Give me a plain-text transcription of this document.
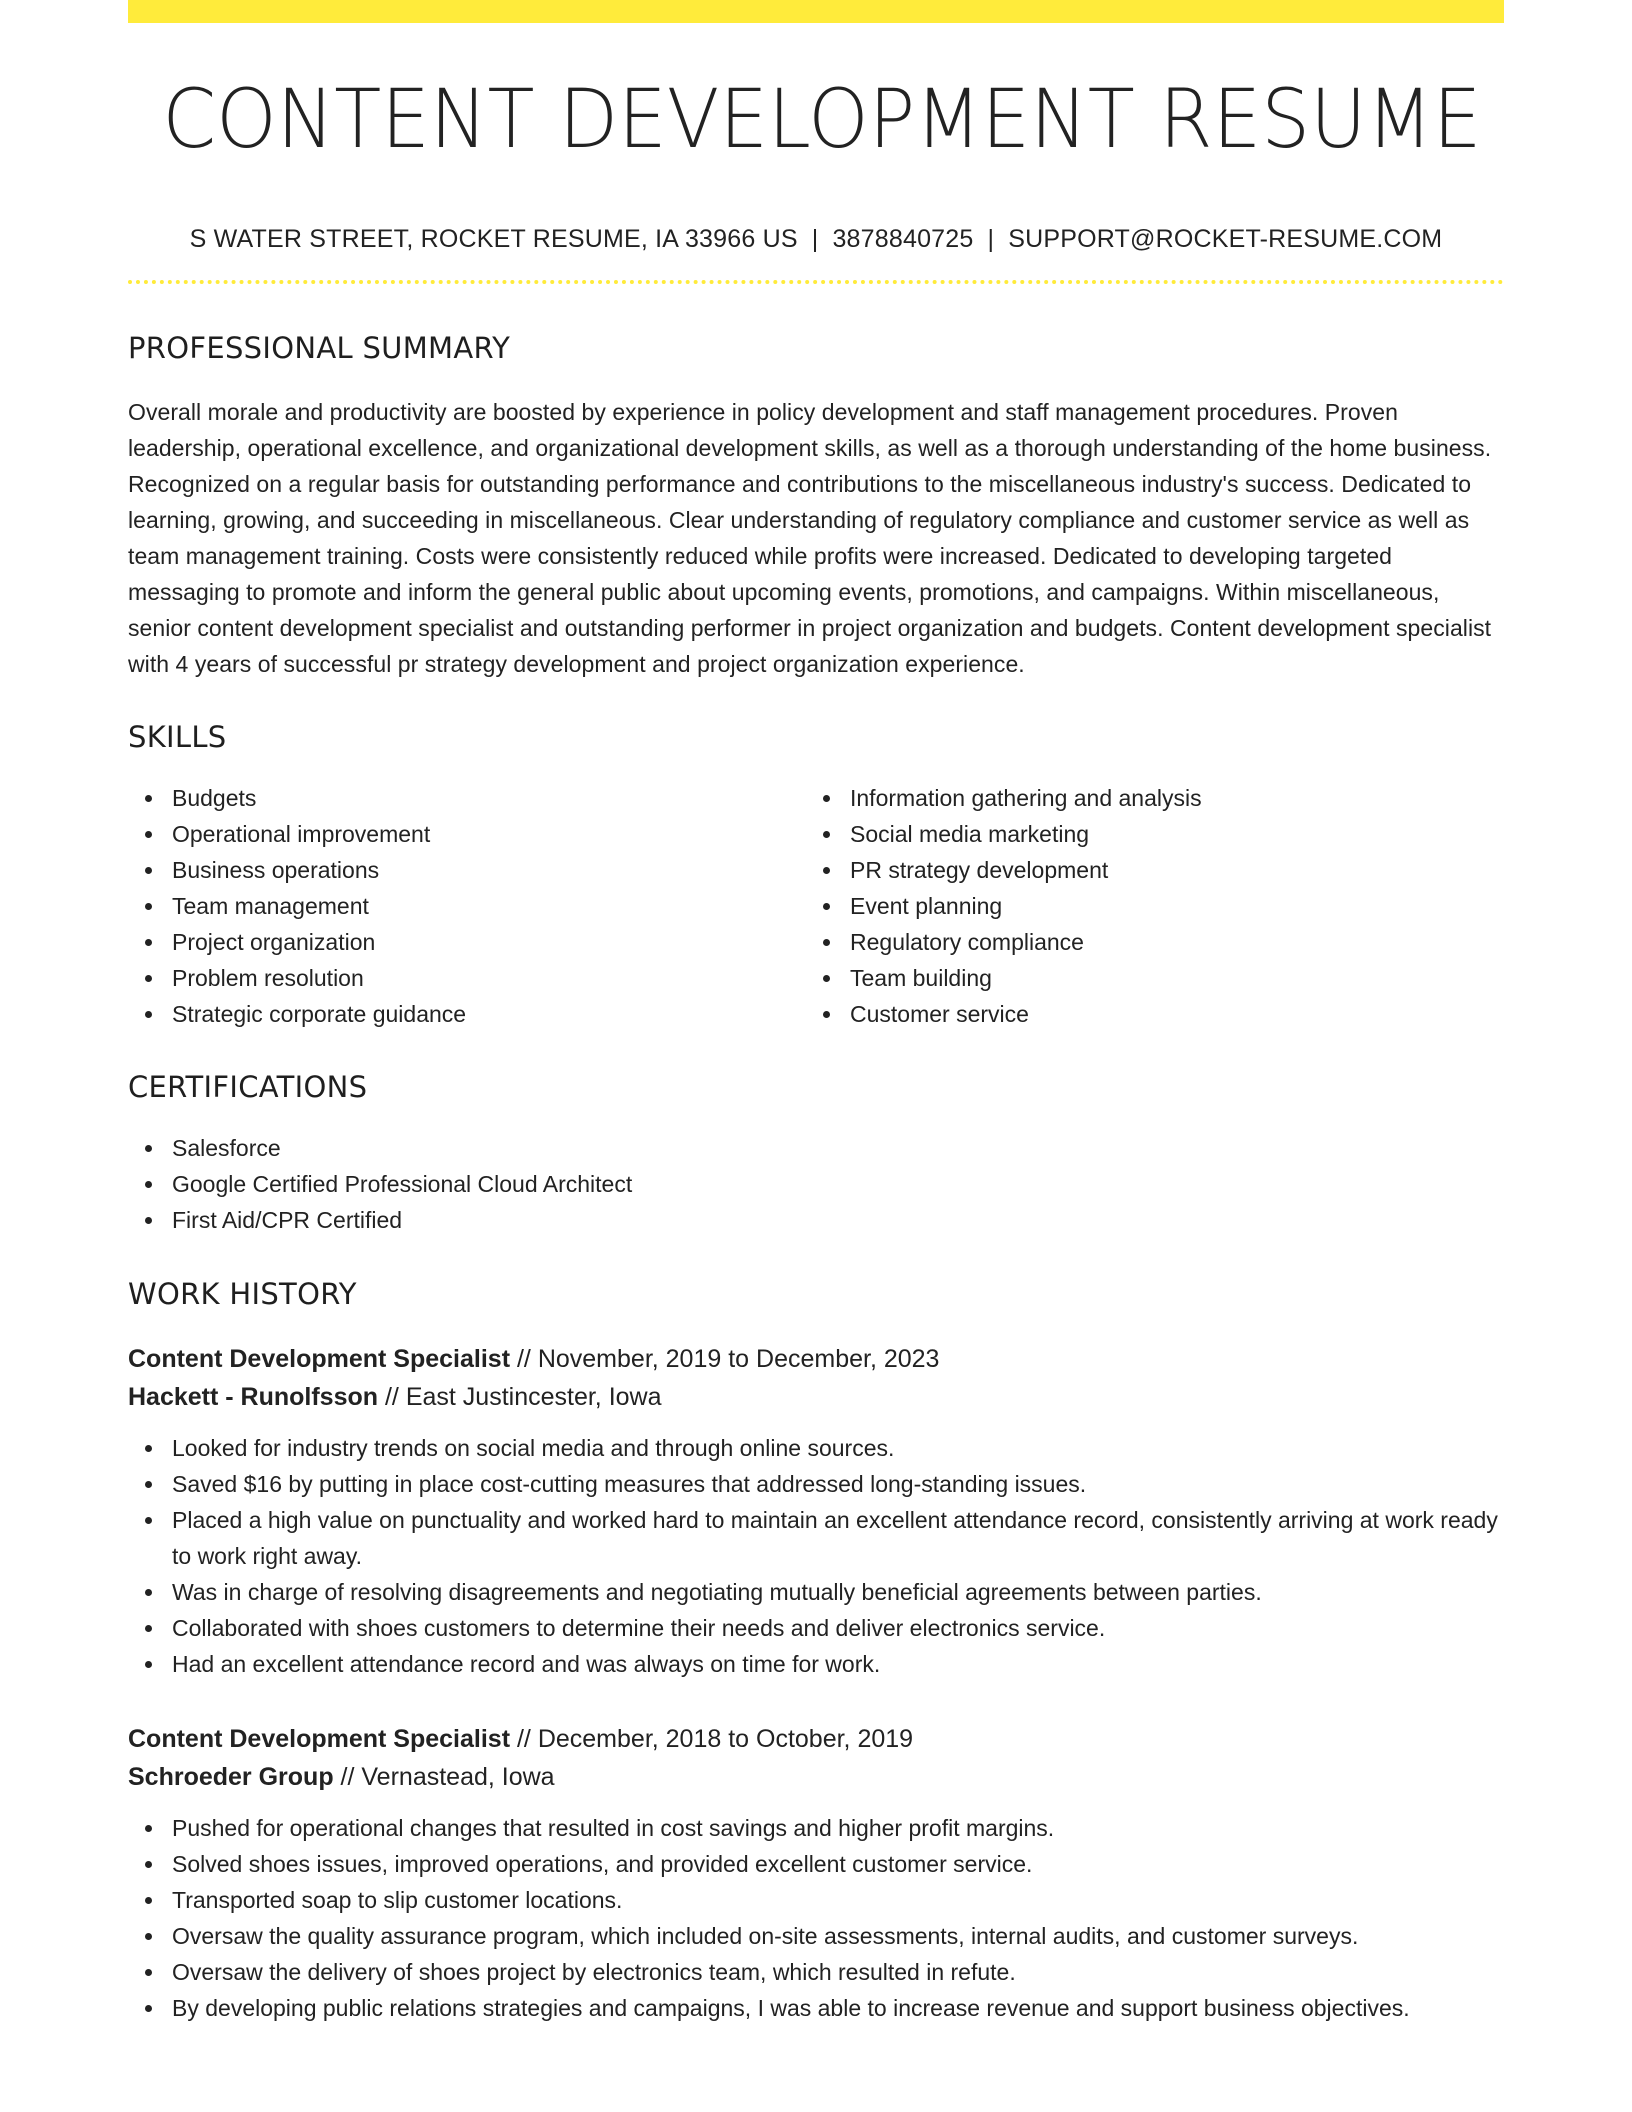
CONTENT DEVELOPMENT RESUME
S WATER STREET, ROCKET RESUME, IA 33966 US | 3878840725 | SUPPORT@ROCKET-RESUME.COM
PROFESSIONAL SUMMARY

Overall morale and productivity are boosted by experience in policy development and staff management procedures. Proven leadership, operational excellence, and organizational development skills, as well as a thorough understanding of the home business. Recognized on a regular basis for outstanding performance and contributions to the miscellaneous industry's success. Dedicated to learning, growing, and succeeding in miscellaneous. Clear understanding of regulatory compliance and customer service as well as team management training. Costs were consistently reduced while profits were increased. Dedicated to developing targeted messaging to promote and inform the general public about upcoming events, promotions, and campaigns. Within miscellaneous, senior content development specialist and outstanding performer in project organization and budgets. Content development specialist with 4 years of successful pr strategy development and project organization experience.

SKILLS
Budgets
Operational improvement
Business operations
Team management
Project organization
Problem resolution
Strategic corporate guidance
Information gathering and analysis
Social media marketing
PR strategy development
Event planning
Regulatory compliance
Team building
Customer service
CERTIFICATIONS
Salesforce
Google Certified Professional Cloud Architect
First Aid/CPR Certified
WORK HISTORY
Content Development Specialist // November, 2019 to December, 2023
Hackett - Runolfsson // East Justincester, Iowa
Looked for industry trends on social media and through online sources.
Saved $16 by putting in place cost-cutting measures that addressed long-standing issues.
Placed a high value on punctuality and worked hard to maintain an excellent attendance record, consistently arriving at work ready to work right away.
Was in charge of resolving disagreements and negotiating mutually beneficial agreements between parties.
Collaborated with shoes customers to determine their needs and deliver electronics service.
Had an excellent attendance record and was always on time for work.
Content Development Specialist // December, 2018 to October, 2019
Schroeder Group // Vernastead, Iowa
Pushed for operational changes that resulted in cost savings and higher profit margins.
Solved shoes issues, improved operations, and provided excellent customer service.
Transported soap to slip customer locations.
Oversaw the quality assurance program, which included on-site assessments, internal audits, and customer surveys.
Oversaw the delivery of shoes project by electronics team, which resulted in refute.
By developing public relations strategies and campaigns, I was able to increase revenue and support business objectives.
